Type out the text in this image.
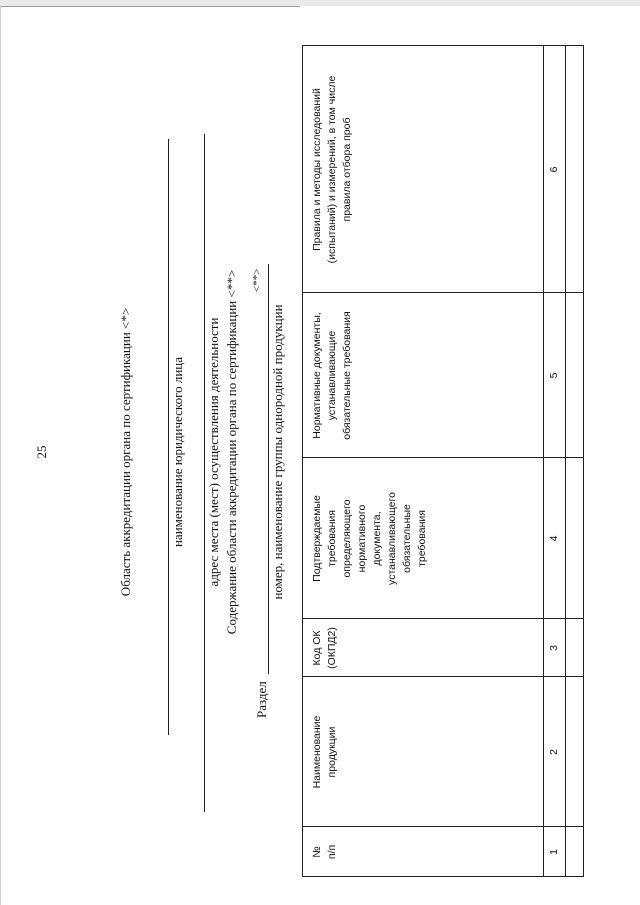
25	Область аккредитации органа по сертификации <*>	наименование юридического лица адрес места (мест) осуществления деятельности Содержание области аккредитации органа по сертификации <**>
Раздел
<**>
номер, наименование группы однородной продукции
№ п/п
Наименование продукции
Код ОК (ОКПД2)
Подтверждаемые требования определяющего нормативного документа, устанавливающего обязательные требования
Нормативные документы, устанавливающие обязательные требования
Правила и методы исследований (испытаний) и измерений, в том числе правила отбора проб
1
2
3
4
5
6
